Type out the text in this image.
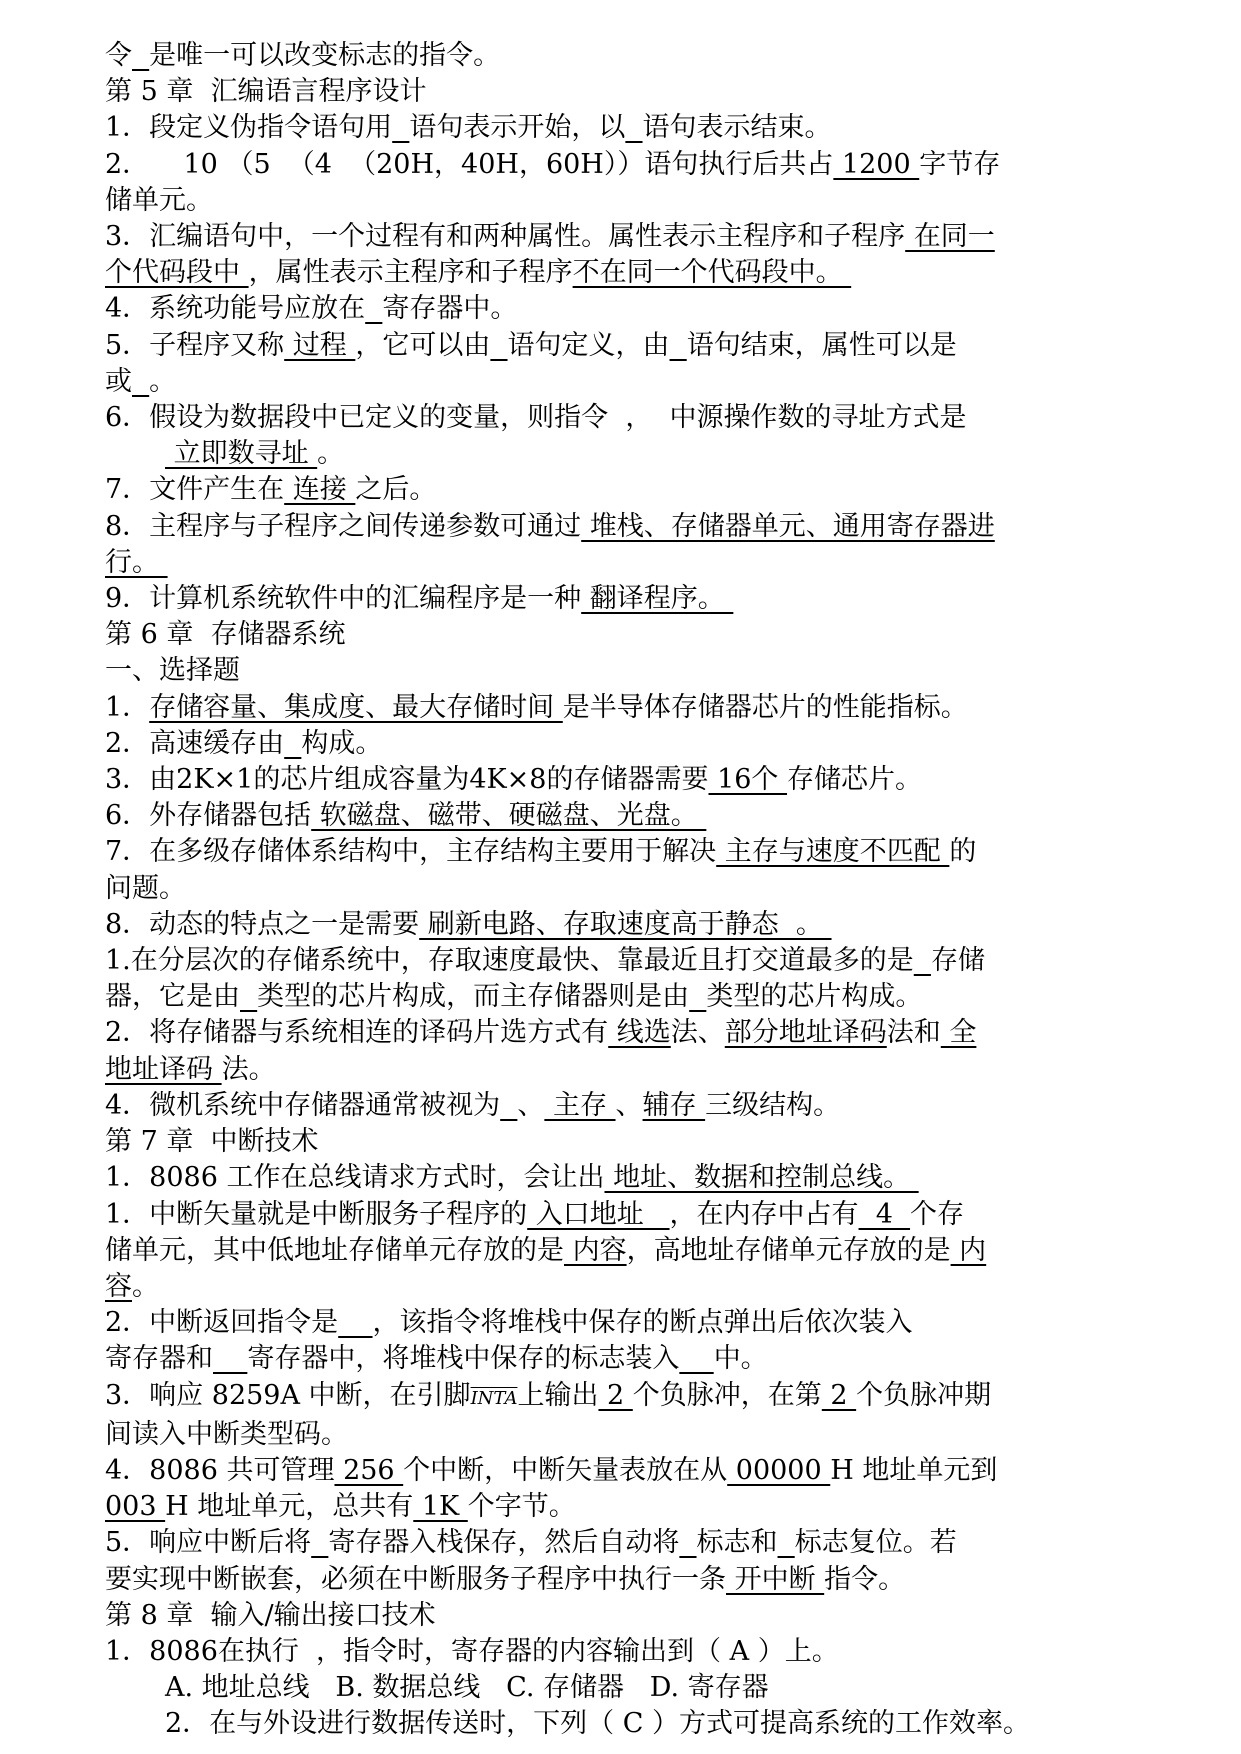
令 是唯一可以改变标志的指令。
第 5 章  汇编语言程序设计
1．段定义伪指令语句用 语句表示开始，以 语句表示结束。
2．    10 （5  （4  （20H，40H，60H））语句执行后共占 1200 字节存
储单元。
3．汇编语句中，一个过程有和两种属性。属性表示主程序和子程序 在同一
个代码段中 ，属性表示主程序和子程序不在同一个代码段中。
4．系统功能号应放在 寄存器中。
5．子程序又称 过程 ，它可以由 语句定义，由 语句结束，属性可以是
或 。
6．假设为数据段中已定义的变量，则指令  ，  中源操作数的寻址方式是
立即数寻址 。
7．文件产生在 连接 之后。
8．主程序与子程序之间传递参数可通过 堆栈、存储器单元、通用寄存器进
行。
9．计算机系统软件中的汇编程序是一种 翻译程序。
第 6 章  存储器系统
一、选择题
1．存储容量、集成度、最大存储时间 是半导体存储器芯片的性能指标。
2．高速缓存由 构成。
3．由2K×1的芯片组成容量为4K×8的存储器需要 16个 存储芯片。
6．外存储器包括 软磁盘、磁带、硬磁盘、光盘。
7．在多级存储体系结构中，主存结构主要用于解决 主存与速度不匹配 的
问题。
8．动态的特点之一是需要 刷新电路、存取速度高于静态  。
1.在分层次的存储系统中，存取速度最快、靠最近且打交道最多的是 存储
器，它是由 类型的芯片构成，而主存储器则是由 类型的芯片构成。
2．将存储器与系统相连的译码片选方式有 线选法、部分地址译码法和 全
地址译码 法。
4．微机系统中存储器通常被视为 、 主存 、辅存 三级结构。
第 7 章  中断技术
1．8086 工作在总线请求方式时，会让出 地址、数据和控制总线。
1．中断矢量就是中断服务子程序的 入口地址   ，在内存中占有  4  个存
储单元，其中低地址存储单元存放的是 内容，高地址存储单元存放的是 内
容。
2．中断返回指令是 ，该指令将堆栈中保存的断点弹出后依次装入
寄存器和 寄存器中，将堆栈中保存的标志装入 中。
3．响应 8259A 中断，在引脚INTA上输出 2 个负脉冲，在第 2 个负脉冲期
间读入中断类型码。
4．8086 共可管理 256 个中断，中断矢量表放在从 00000 H 地址单元到
003 H 地址单元，总共有 1K 个字节。
5．响应中断后将 寄存器入栈保存，然后自动将 标志和 标志复位。若
要实现中断嵌套，必须在中断服务子程序中执行一条 开中断 指令。
第 8 章  输入/输出接口技术
1．8086在执行  ，指令时，寄存器的内容输出到（ A ）上。
A. 地址总线   B. 数据总线   C. 存储器   D. 寄存器
2．在与外设进行数据传送时，下列（ C ）方式可提高系统的工作效率。
